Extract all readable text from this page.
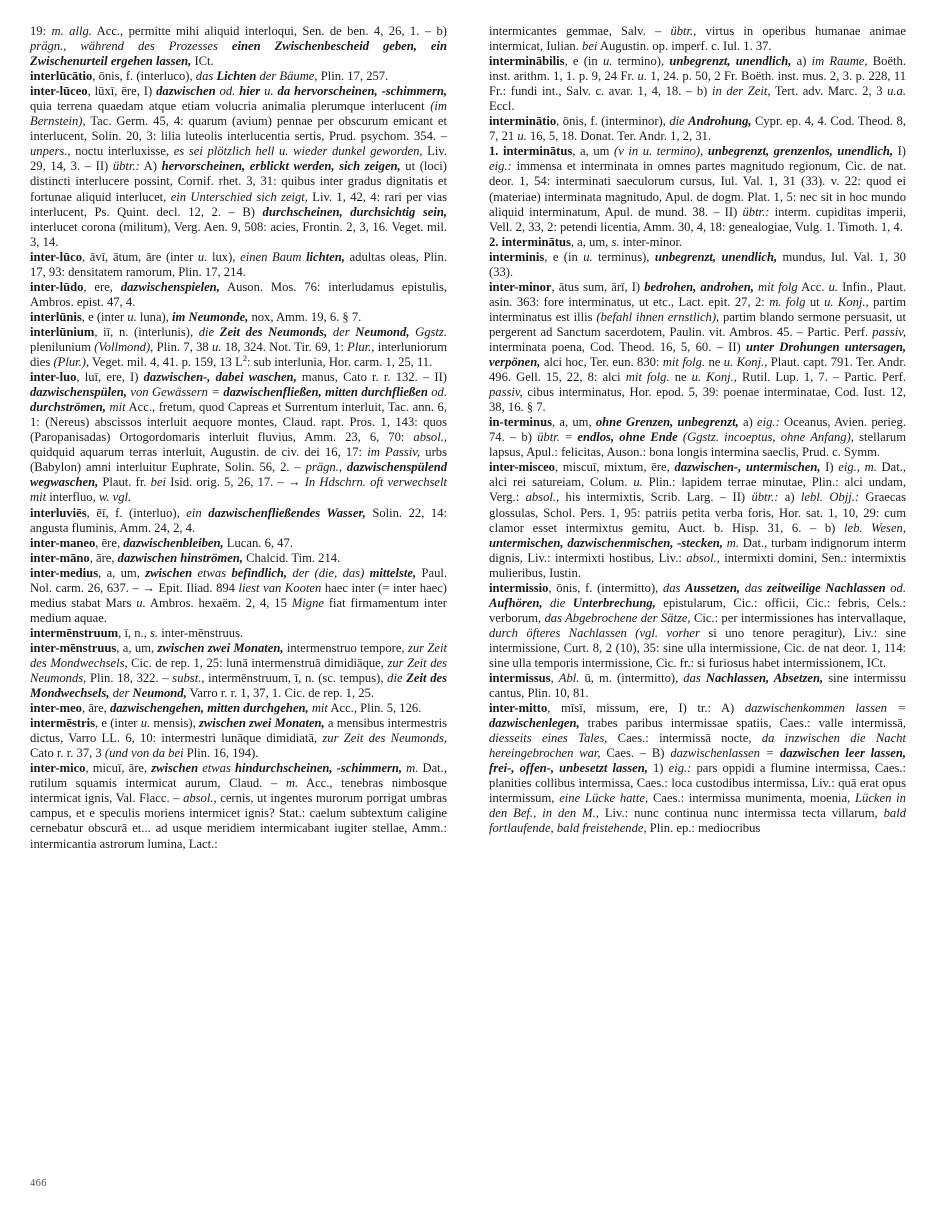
19: m. allg. Acc., permitte mihi aliquid interloqui, Sen. de ben. 4, 26, 1. – b) prägn., während des Prozesses einen Zwischenbescheid geben, ein Zwischenurteil ergehen lassen, ICt.

interlūcātio, ōnis, f. (interluco), das Lichten der Bäume, Plin. 17, 257.

inter-lūceo, lūxī, ēre, I) dazwischen od. hier u. da hervorscheinen, -schimmern, quia terrena quaedam atque etiam volucria animalia plerumque interlucent (im Bernstein), Tac. Germ. 45, 4: quarum (avium) pennae per obscurum emicant et interlucent, Solin. 20, 3: lilia luteolis interlucentia sertis, Prud. psychom. 354. – unpers., noctu interluxisse, es sei plötzlich hell u. wieder dunkel geworden, Liv. 29, 14, 3. – II) übtr.: A) hervorscheinen, erblickt werden, sich zeigen, ut (loci) distincti interlucere possint, Cornif. rhet. 3, 31: quibus inter gradus dignitatis et fortunae aliquid interlucet, ein Unterschied sich zeigt, Liv. 1, 42, 4: rari per vias interlucent, Ps. Quint. decl. 12, 2. – B) durchscheinen, durchsichtig sein, interlucet corona (militum), Verg. Aen. 9, 508: acies, Frontin. 2, 3, 16. Veget. mil. 3, 14.

inter-lūco, āvī, ātum, āre (inter u. lux), einen Baum lichten, adultas oleas, Plin. 17, 93: densitatem ramorum, Plin. 17, 214.

inter-lūdo, ere, dazwischenspielen, Auson. Mos. 76: interludamus epistulis, Ambros. epist. 47, 4.

interlūnis, e (inter u. luna), im Neumonde, nox, Amm. 19, 6. § 7.

interlūnium, iī, n. (interlunis), die Zeit des Neumonds, der Neumond, Ggstz. plenilunium (Vollmond), Plin. 7, 38 u. 18, 324. Not. Tir. 69, 1: Plur., interluniorum dies (Plur.), Veget. mil. 4, 41. p. 159, 13 $L^2$: sub interlunia, Hor. carm. 1, 25, 11.

inter-luo, luī, ere, I) dazwischen-, dabei waschen, manus, Cato r. r. 132. – II) dazwischenspülen, von Gewässern = dazwischenfließen, mitten durchfließen od. durchströmen, mit Acc., fretum, quod Capreas et Surrentum interluit, Tac. ann. 6, 1: (Nereus) abscissos interluit aequore montes, Claud. rapt. Pros. 1, 143: quos (Paropanisadas) Ortogordomaris interluit fluvius, Amm. 23, 6, 70: absol., quidquid aquarum terras interluit, Augustin. de civ. dei 16, 17: im Passiv, urbs (Babylon) amni interluitur Euphrate, Solin. 56, 2. – prägn., dazwischenspülend wegwaschen, Plaut. fr. bei Isid. orig. 5, 26, 17. – → In Hdschrn. oft verwechselt mit interfluo, w. vgl.

interluviēs, ēī, f. (interluo), ein dazwischenfließendes Wasser, Solin. 22, 14: angusta fluminis, Amm. 24, 2, 4.

inter-maneo, ēre, dazwischenbleiben, Lucan. 6, 47.

inter-māno, āre, dazwischen hinströmen, Chalcid. Tim. 214.

inter-medius, a, um, zwischen etwas befindlich, der (die, das) mittelste, Paul. Nol. carm. 26, 637. – → Epit. Iliad. 894 liest van Kooten haec inter (= inter haec) medius stabat Mars u. Ambros. hexaëm. 2, 4, 15 Migne fiat firmamentum inter medium aquae.

intermēnstruum, ī, n., s. inter-mēnstruus.

inter-mēnstruus, a, um, zwischen zwei Monaten, intermenstruo tempore, zur Zeit des Mondwechsels, Cic. de rep. 1, 25: lunā intermenstruā dimidiāque, zur Zeit des Neumonds, Plin. 18, 322. – subst., intermēnstruum, ī, n. (sc. tempus), die Zeit des Mondwechsels, der Neumond, Varro r. r. 1, 37, 1. Cic. de rep. 1, 25.

inter-meo, āre, dazwischengehen, mitten durchgehen, mit Acc., Plin. 5, 126.

intermēstris, e (inter u. mensis), zwischen zwei Monaten, a mensibus intermestris dictus, Varro LL. 6, 10: intermestri lunāque dimidiatā, zur Zeit des Neumonds, Cato r. r. 37, 3 (und von da bei Plin. 16, 194).

inter-mico, micuī, āre, zwischen etwas hindurchscheinen, -schimmern, m. Dat., rutilum squamis intermicat aurum, Claud. – m. Acc., tenebras nimbosque intermicat ignis, Val. Flacc. – absol., cernis, ut ingentes murorum porrigat umbras campus, et e speculis moriens intermicet ignis? Stat.: caelum subtextum caligine cernebatur obscurā et... ad usque meridiem intermicabant iugiter stellae, Amm.: intermicantia astrorum lumina, Lact.:

intermicantes gemmae, Salv. – übtr., virtus in operibus humanae animae intermicat, Iulian. bei Augustin. op. imperf. c. Iul. 1. 37.

interminābilis, e (in u. termino), unbegrenzt, unendlich, a) im Raume, Boëth. inst. arithm. 1, 1. p. 9, 24 Fr. u. 1, 24. p. 50, 2 Fr. Boëth. inst. mus. 2, 3. p. 228, 11 Fr.: fundi int., Salv. c. avar. 1, 4, 18. – b) in der Zeit, Tert. adv. Marc. 2, 3 u.a. Eccl.

interminātio, ōnis, f. (interminor), die Androhung, Cypr. ep. 4, 4. Cod. Theod. 8, 7, 21 u. 16, 5, 18. Donat. Ter. Andr. 1, 2, 31.

1. interminātus, a, um (v in u. termino), unbegrenzt, grenzenlos, unendlich, I) eig.: immensa et interminata in omnes partes magnitudo regionum, Cic. de nat. deor. 1, 54: interminati saeculorum cursus, Iul. Val. 1, 31 (33). v. 22: quod ei (materiae) interminata magnitudo, Apul. de dogm. Plat. 1, 5: nec sit in hoc mundo aliquid interminatum, Apul. de mund. 38. – II) übtr.: interm. cupiditas imperii, Vell. 2, 33, 2: petendi licentia, Amm. 30, 4, 18: genealogiae, Vulg. 1. Timoth. 1, 4.

2. interminātus, a, um, s. inter-minor.

interminis, e (in u. terminus), unbegrenzt, unendlich, mundus, Iul. Val. 1, 30 (33).

inter-minor, ātus sum, ārī, I) bedrohen, androhen, mit folg Acc. u. Infin., Plaut. asin. 363: fore interminatus, ut etc., Lact. epit. 27, 2: m. folg ut u. Konj., partim interminatus est illis (befahl ihnen ernstlich), partim blando sermone persuasit, ut pergerent ad Sanctum sacerdotem, Paulin. vit. Ambros. 45. – Partic. Perf. passiv, interminata poena, Cod. Theod. 16, 5, 60. – II) unter Drohungen untersagen, verpönen, alci hoc, Ter. eun. 830: mit folg. ne u. Konj., Plaut. capt. 791. Ter. Andr. 496. Gell. 15, 22, 8: alci mit folg. ne u. Konj., Rutil. Lup. 1, 7. – Partic. Perf. passiv, cibus interminatus, Hor. epod. 5, 39: poenae interminatae, Cod. Iust. 12, 38, 16. § 7.

in-terminus, a, um, ohne Grenzen, unbegrenzt, a) eig.: Oceanus, Avien. perieg. 74. – b) übtr. = endlos, ohne Ende (Ggstz. incoeptus, ohne Anfang), stellarum lapsus, Apul.: felicitas, Auson.: bona longis intermina saeclis, Prud. c. Symm.

inter-misceo, miscuī, mixtum, ēre, dazwischen-, untermischen, I) eig., m. Dat., alci rei satureiam, Colum. u. Plin.: lapidem terrae minutae, Plin.: alci undam, Verg.: absol., his intermixtis, Scrib. Larg. – II) übtr.: a) lebl. Objj.: Graecas glossulas, Schol. Pers. 1, 95: patriis petita verba foris, Hor. sat. 1, 10, 29: cum clamor esset intermixtus gemitu, Auct. b. Hisp. 31, 6. – b) leb. Wesen, untermischen, dazwischenmischen, -stecken, m. Dat., turbam indignorum interm dignis, Liv.: intermixti hostibus, Liv.: absol., intermixti domini, Sen.: intermixtis mulieribus, Iustin.

intermissio, ōnis, f. (intermitto), das Aussetzen, das zeitweilige Nachlassen od. Aufhören, die Unterbrechung, epistularum, Cic.: officii, Cic.: febris, Cels.: verborum, das Abgebrochene der Sätze, Cic.: per intermissiones has intervallaque, durch öfteres Nachlassen (vgl. vorher si uno tenore peragitur), Liv.: sine intermissione, Curt. 8, 2 (10), 35: sine ulla intermissione, Cic. de nat deor. 1, 114: sine ulla temporis intermissione, Cic. fr.: si furiosus habet intermissionem, ICt.

intermissus, Abl. ū, m. (intermitto), das Nachlassen, Absetzen, sine intermissu cantus, Plin. 10, 81.

inter-mitto, mīsī, missum, ere, I) tr.: A) dazwischenkommen lassen = dazwischenlegen, trabes paribus intermissae spatiis, Caes.: valle intermissā, diesseits eines Tales, Caes.: intermissā nocte, da inzwischen die Nacht hereingebrochen war, Caes. – B) dazwischenlassen = dazwischen leer lassen, frei-, offen-, unbesetzt lassen, 1) eig.: pars oppidi a flumine intermissa, Caes.: planities collibus intermissa, Caes.: loca custodibus intermissa, Liv.: quā erat opus intermissum, eine Lücke hatte, Caes.: intermissa munimenta, moenia, Lücken in den Bef., in den M., Liv.: nunc continua nunc intermissa tecta villarum, bald fortlaufende, bald freistehende, Plin. ep.: mediocribus

466
